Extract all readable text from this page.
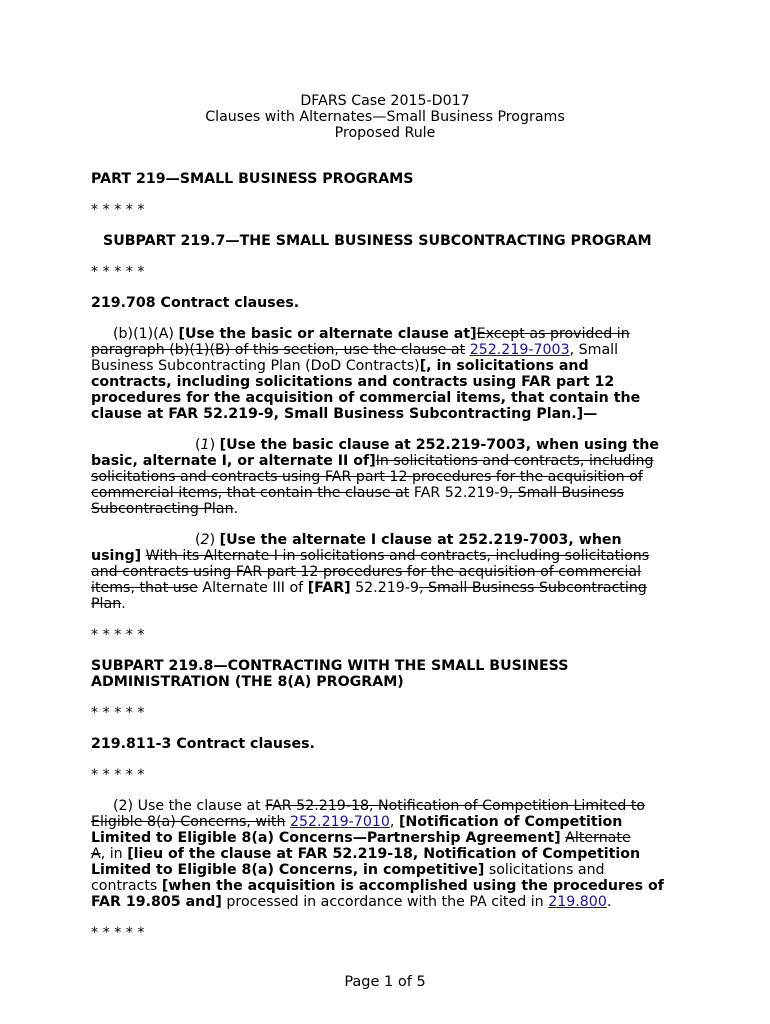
DFARS Case 2015-D017
Clauses with Alternates—Small Business Programs
Proposed Rule
PART 219—SMALL BUSINESS PROGRAMS
* * * * *
SUBPART 219.7—THE SMALL BUSINESS SUBCONTRACTING PROGRAM
* * * * *
219.708 Contract clauses.
(b)(1)(A) [Use the basic or alternate clause at]Except as provided in
paragraph (b)(1)(B) of this section, use the clause at 252.219-7003, Small
Business Subcontracting Plan (DoD Contracts)[, in solicitations and
contracts, including solicitations and contracts using FAR part 12
procedures for the acquisition of commercial items, that contain the
clause at FAR 52.219-9, Small Business Subcontracting Plan.]—
(1) [Use the basic clause at 252.219-7003, when using the
basic, alternate I, or alternate II of]In solicitations and contracts, including
solicitations and contracts using FAR part 12 procedures for the acquisition of
commercial items, that contain the clause at FAR 52.219-9, Small Business
Subcontracting Plan.
(2) [Use the alternate I clause at 252.219-7003, when
using] With its Alternate I in solicitations and contracts, including solicitations
and contracts using FAR part 12 procedures for the acquisition of commercial
items, that use Alternate III of [FAR] 52.219-9, Small Business Subcontracting
Plan.
* * * * *
SUBPART 219.8—CONTRACTING WITH THE SMALL BUSINESS
ADMINISTRATION (THE 8(A) PROGRAM)
* * * * *
219.811-3 Contract clauses.
* * * * *
(2) Use the clause at FAR 52.219-18, Notification of Competition Limited to
Eligible 8(a) Concerns, with 252.219-7010, [Notification of Competition
Limited to Eligible 8(a) Concerns—Partnership Agreement] Alternate
A, in [lieu of the clause at FAR 52.219-18, Notification of Competition
Limited to Eligible 8(a) Concerns, in competitive] solicitations and
contracts [when the acquisition is accomplished using the procedures of
FAR 19.805 and] processed in accordance with the PA cited in 219.800.
* * * * *
Page 1 of 5
